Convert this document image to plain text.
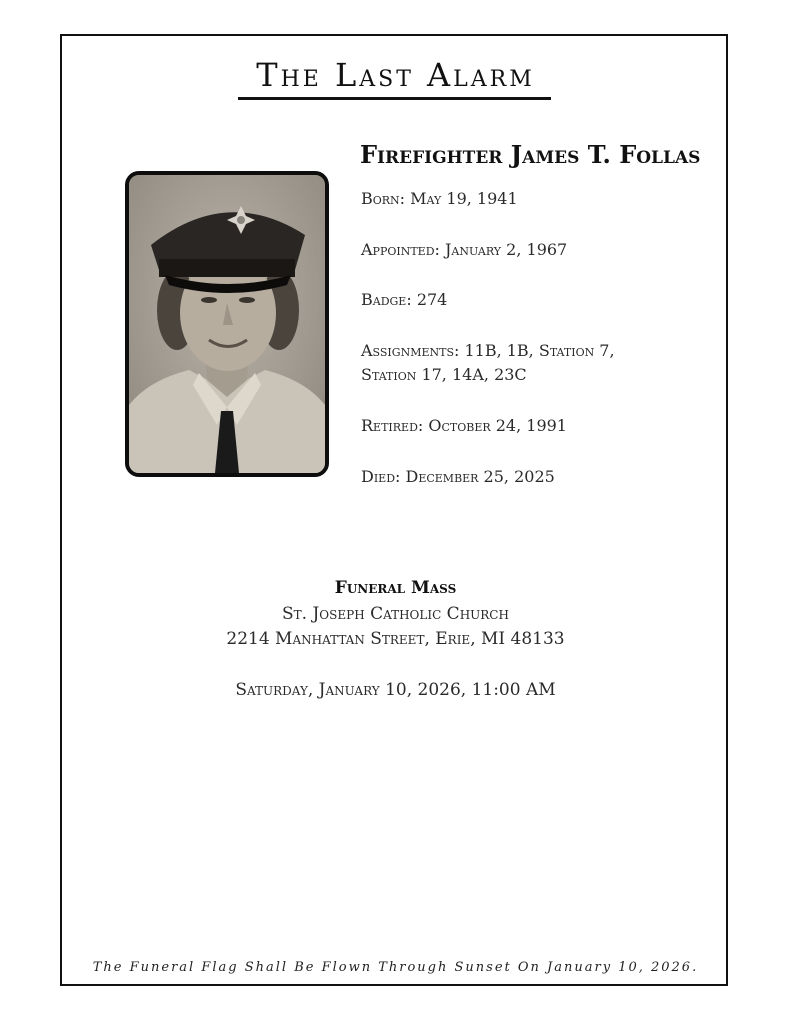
The Last Alarm
Firefighter James T. Follas
Born: May 19, 1941
Appointed: January 2, 1967
Badge: 274
Assignments: 11B, 1B, Station 7,
Station 17, 14A, 23C
Retired: October 24, 1991
Died: December 25, 2025
Funeral Mass
St. Joseph Catholic Church
2214 Manhattan Street, Erie, MI 48133
Saturday, January 10, 2026, 11:00 AM
The Funeral Flag Shall Be Flown Through Sunset On January 10, 2026.
